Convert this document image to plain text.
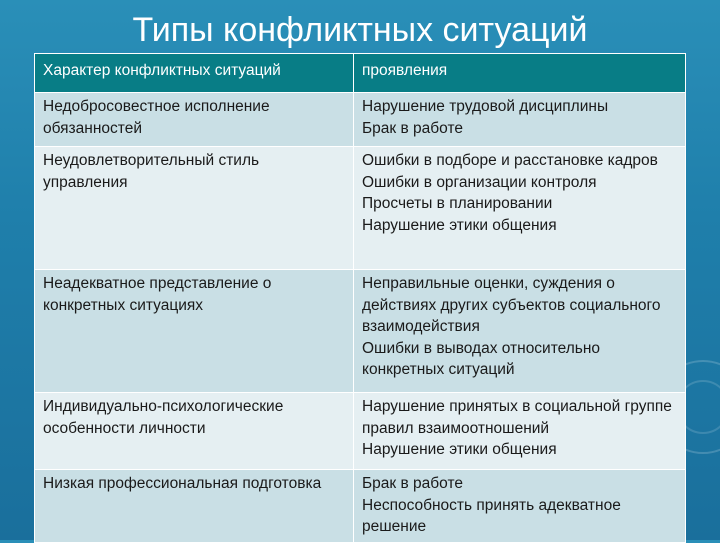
Типы конфликтных ситуаций
Характер конфликтных ситуаций	проявления
Недобросовестное исполнение обязанностей	Нарушение трудовой дисциплины
Брак в работе

Неудовлетворительный стиль управления	Ошибки в подборе и расстановке кадров
Ошибки в организации контроля
Просчеты в планировании
Нарушение этики общения

Неадекватное представление о конкретных ситуациях	Неправильные оценки, суждения о действиях других субъектов социального взаимодействия
Ошибки в выводах относительно конкретных ситуаций

Индивидуально-психологические особенности личности	Нарушение принятых в социальной группе правил взаимоотношений
Нарушение этики общения

Низкая профессиональная подготовка	Брак в работе
Неспособность принять адекватное решение
